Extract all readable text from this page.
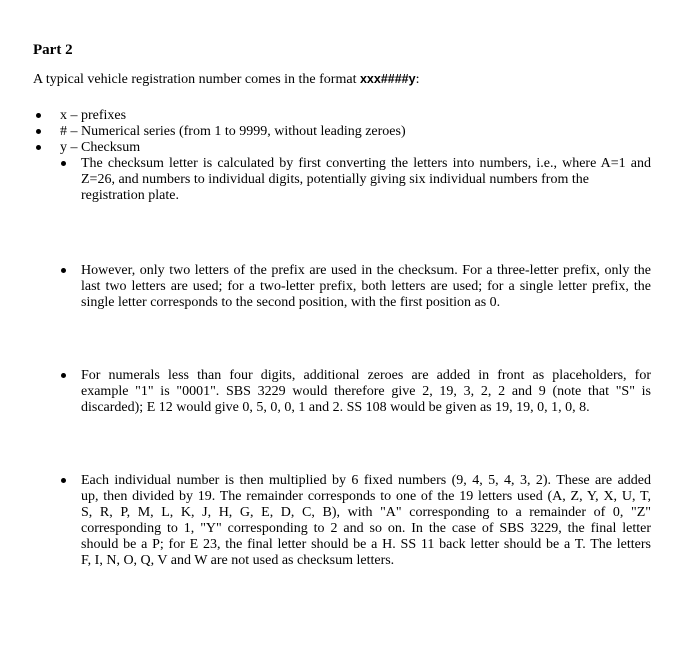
Part 2
A typical vehicle registration number comes in the format xxx####y:
x – prefixes
# – Numerical series (from 1 to 9999, without leading zeroes)
y – Checksum
The checksum letter is calculated by first converting the letters into numbers, i.e., where A=1 and
Z=26, and numbers to individual digits, potentially giving six individual numbers from the
registration plate.
However, only two letters of the prefix are used in the checksum. For a three-letter prefix, only the
last two letters are used; for a two-letter prefix, both letters are used; for a single letter prefix, the
single letter corresponds to the second position, with the first position as 0.
For numerals less than four digits, additional zeroes are added in front as placeholders, for
example "1" is "0001". SBS 3229 would therefore give 2, 19, 3, 2, 2 and 9 (note that "S" is
discarded); E 12 would give 0, 5, 0, 0, 1 and 2. SS 108 would be given as 19, 19, 0, 1, 0, 8.
Each individual number is then multiplied by 6 fixed numbers (9, 4, 5, 4, 3, 2). These are added
up, then divided by 19. The remainder corresponds to one of the 19 letters used (A, Z, Y, X, U, T,
S, R, P, M, L, K, J, H, G, E, D, C, B), with "A" corresponding to a remainder of 0, "Z"
corresponding to 1, "Y" corresponding to 2 and so on. In the case of SBS 3229, the final letter
should be a P; for E 23, the final letter should be a H. SS 11 back letter should be a T. The letters
F, I, N, O, Q, V and W are not used as checksum letters.
